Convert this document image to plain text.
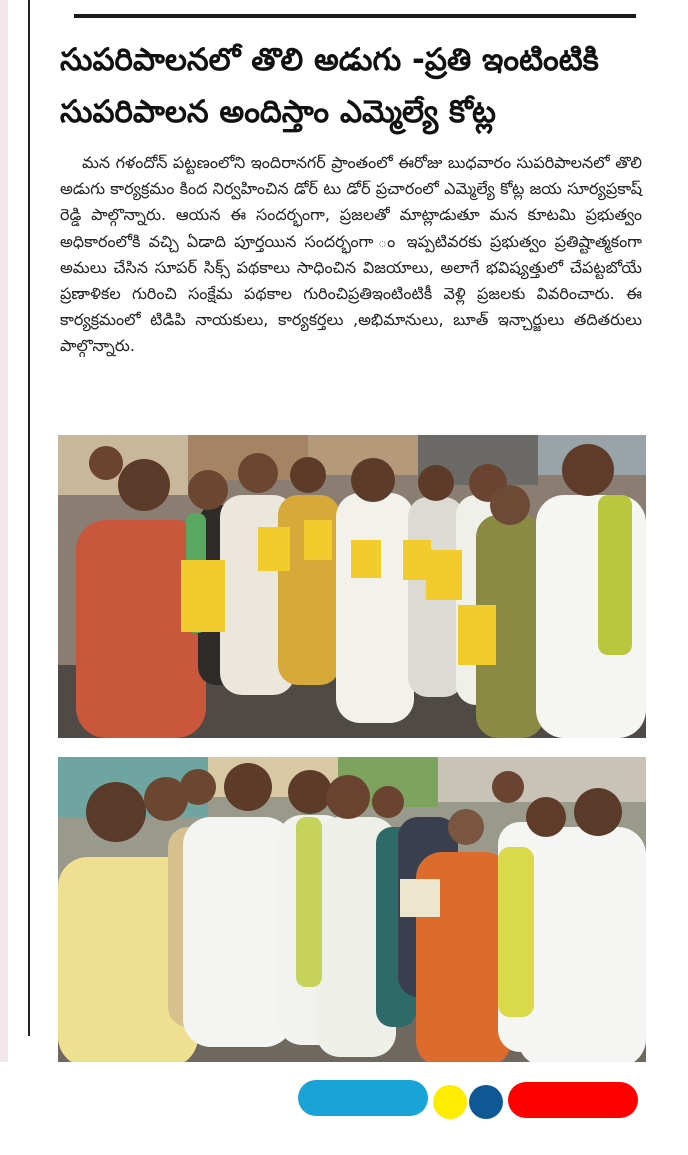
సుపరిపాలనలో తొలి అడుగు -ప్రతి ఇంటింటికి సుపరిపాలన అందిస్తాం ఎమ్మెల్యే కోట్ల

మన గళందోన్ పట్టణంలోని ఇందిరానగర్ ప్రాంతంలో ఈరోజు బుధవారం సుపరిపాలనలో తొలి అడుగు కార్యక్రమం కింద నిర్వహించిన డోర్ టు డోర్ ప్రచారంలో ఎమ్మెల్యే కోట్ల జయ సూర్యప్రకాష్ రెడ్డి పాల్గొన్నారు. ఆయన ఈ సందర్భంగా, ప్రజలతో మాట్లాడుతూ మన కూటమి ప్రభుత్వం అధికారంలోకి వచ్చి ఏడాది పూర్తయిన సందర్భంగా ం ఇప్పటివరకు ప్రభుత్వం ప్రతిష్టాత్మకంగా అమలు చేసిన సూపర్ సిక్స్ పథకాలు సాధించిన విజయాలు, అలాగే భవిష్యత్తులో చేపట్టబోయే ప్రణాళికల గురించి సంక్షేమ పథకాల గురించిప్రతిఇంటింటికీ వెళ్లి ప్రజలకు వివరించారు. ఈ కార్యక్రమంలో టిడిపి నాయకులు, కార్యకర్తలు ,అభిమానులు, బూత్ ఇన్చార్జులు తదితరులు పాల్గొన్నారు.
